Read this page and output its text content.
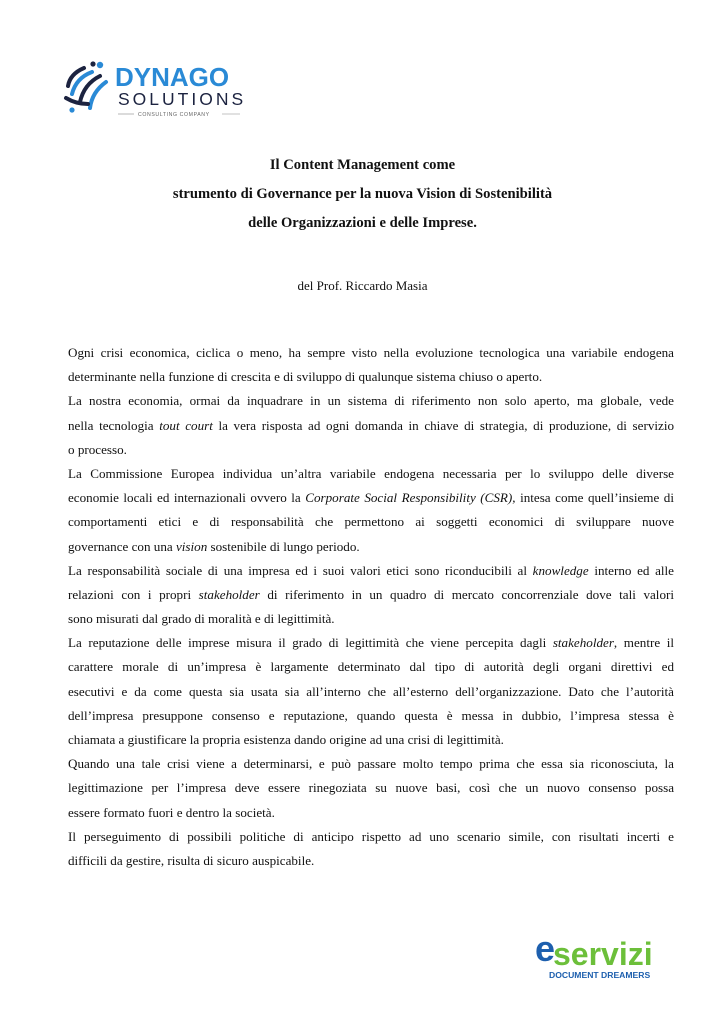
DYNAGO
SOLUTIONS
CONSULTING COMPANY
Il Content Management come
strumento di Governance per la nuova Vision di Sostenibilità
delle Organizzazioni e delle Imprese.
del Prof. Riccardo Masia
Ogni crisi economica, ciclica o meno, ha sempre visto nella evoluzione tecnologica una variabile endogena
determinante nella funzione di crescita e di sviluppo di qualunque sistema chiuso o aperto.
La nostra economia, ormai da inquadrare in un sistema di riferimento non solo aperto, ma globale, vede
nella tecnologia tout court la vera risposta ad ogni domanda in chiave di strategia, di produzione, di servizio
o processo.
La Commissione Europea individua un’altra variabile endogena necessaria per lo sviluppo delle diverse
economie locali ed internazionali ovvero la Corporate Social Responsibility (CSR), intesa come quell’insieme di
comportamenti etici e di responsabilità che permettono ai soggetti economici di sviluppare nuove
governance con una vision sostenibile di lungo periodo.
La responsabilità sociale di una impresa ed i suoi valori etici sono riconducibili al knowledge interno ed alle
relazioni con i propri stakeholder di riferimento in un quadro di mercato concorrenziale dove tali valori
sono misurati dal grado di moralità e di legittimità.
La reputazione delle imprese misura il grado di legittimità che viene percepita dagli stakeholder, mentre il
carattere morale di un’impresa è largamente determinato dal tipo di autorità degli organi direttivi ed
esecutivi e da come questa sia usata sia all’interno che all’esterno dell’organizzazione. Dato che l’autorità
dell’impresa presuppone consenso e reputazione, quando questa è messa in dubbio, l’impresa stessa è
chiamata a giustificare la propria esistenza dando origine ad una crisi di legittimità.
Quando una tale crisi viene a determinarsi, e può passare molto tempo prima che essa sia riconosciuta, la
legittimazione per l’impresa deve essere rinegoziata su nuove basi, così che un nuovo consenso possa
essere formato fuori e dentro la società.
Il perseguimento di possibili politiche di anticipo rispetto ad uno scenario simile, con risultati incerti e
difficili da gestire, risulta di sicuro auspicabile.
e
servizi
DOCUMENT DREAMERS
